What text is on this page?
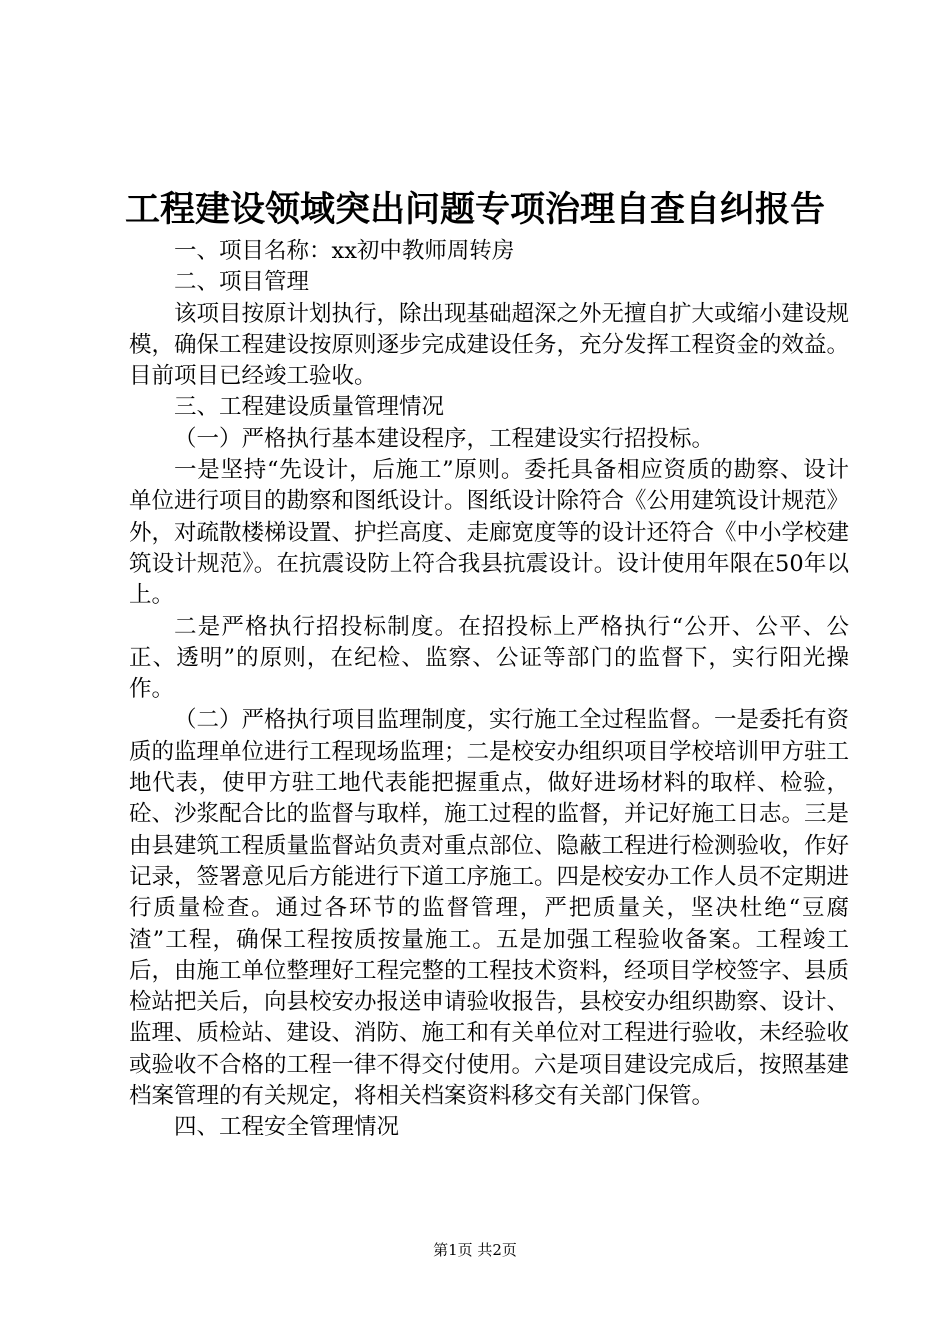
工程建设领域突出问题专项治理自查自纠报告

一、项目名称：xx初中教师周转房

二、项目管理

该项目按原计划执行，除出现基础超深之外无擅自扩大或缩小建设规模，确保工程建设按原则逐步完成建设任务，充分发挥工程资金的效益。目前项目已经竣工验收。

三、工程建设质量管理情况

（一）严格执行基本建设程序，工程建设实行招投标。

一是坚持“先设计，后施工”原则。委托具备相应资质的勘察、设计单位进行项目的勘察和图纸设计。图纸设计除符合《公用建筑设计规范》外，对疏散楼梯设置、护拦高度、走廊宽度等的设计还符合《中小学校建筑设计规范》。在抗震设防上符合我县抗震设计。设计使用年限在50年以上。

二是严格执行招投标制度。在招投标上严格执行“公开、公平、公正、透明”的原则，在纪检、监察、公证等部门的监督下，实行阳光操作。

（二）严格执行项目监理制度，实行施工全过程监督。一是委托有资质的监理单位进行工程现场监理；二是校安办组织项目学校培训甲方驻工地代表，使甲方驻工地代表能把握重点，做好进场材料的取样、检验，砼、沙浆配合比的监督与取样，施工过程的监督，并记好施工日志。三是由县建筑工程质量监督站负责对重点部位、隐蔽工程进行检测验收，作好记录，签署意见后方能进行下道工序施工。四是校安办工作人员不定期进行质量检查。通过各环节的监督管理，严把质量关，坚决杜绝“豆腐渣”工程，确保工程按质按量施工。五是加强工程验收备案。工程竣工后，由施工单位整理好工程完整的工程技术资料，经项目学校签字、县质检站把关后，向县校安办报送申请验收报告，县校安办组织勘察、设计、监理、质检站、建设、消防、施工和有关单位对工程进行验收，未经验收或验收不合格的工程一律不得交付使用。六是项目建设完成后，按照基建档案管理的有关规定，将相关档案资料移交有关部门保管。

四、工程安全管理情况

第1页 共2页
